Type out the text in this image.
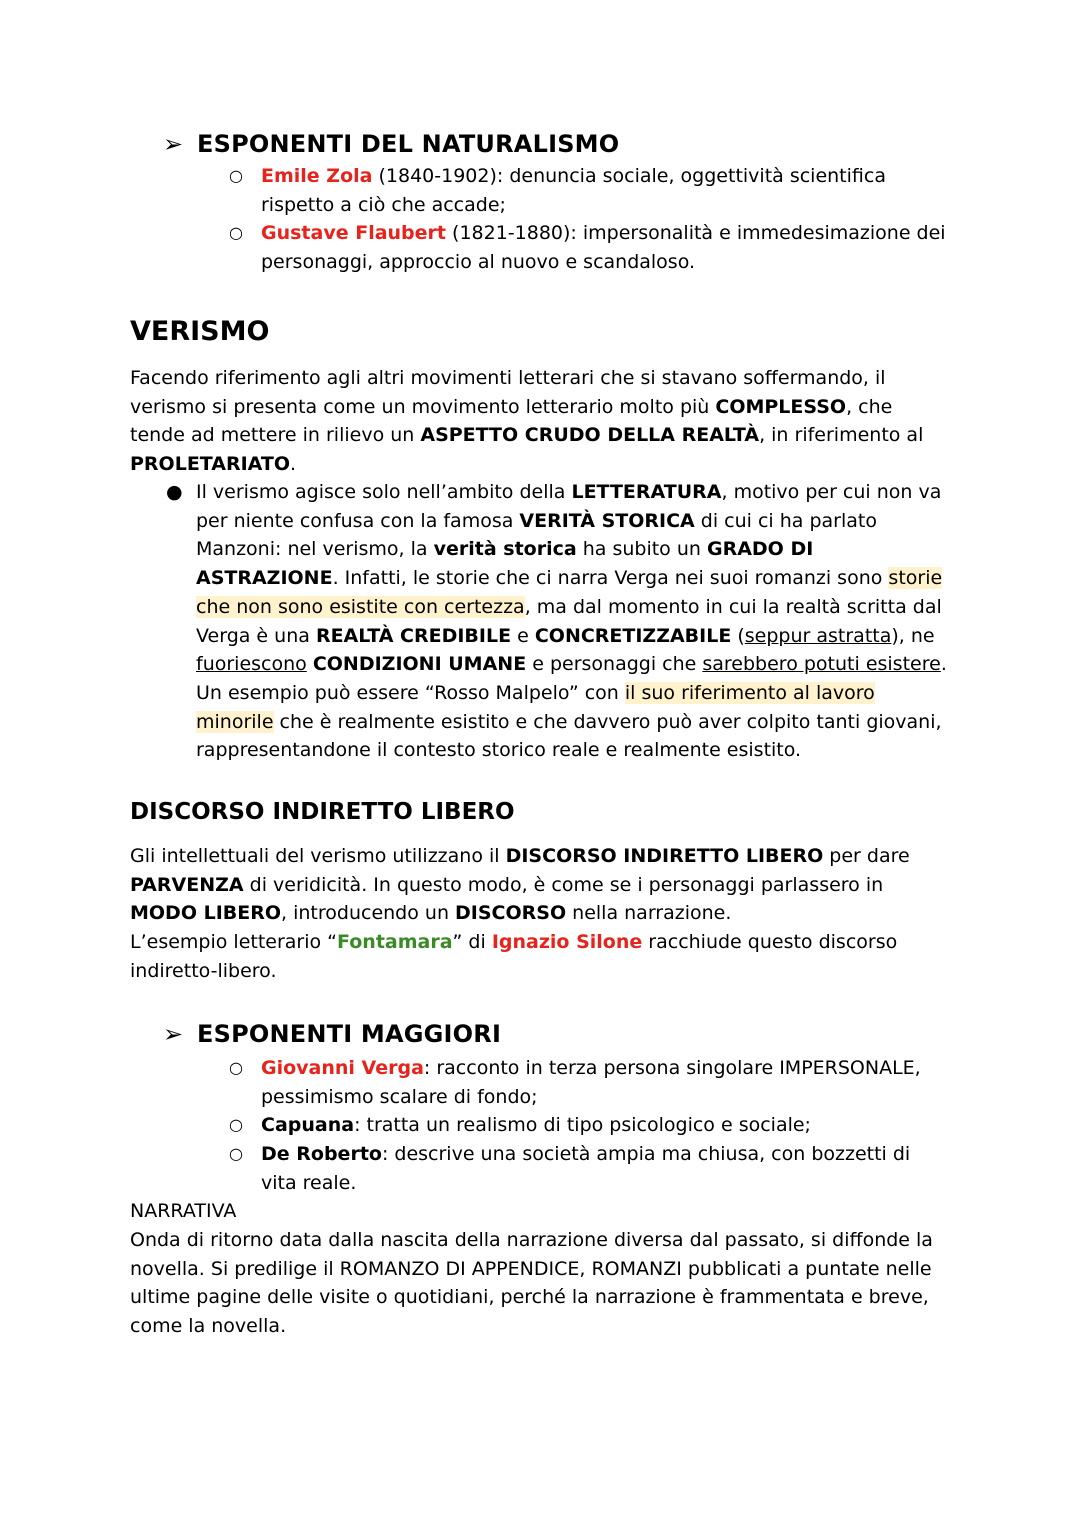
➢ ESPONENTI DEL NATURALISMO
○ Emile Zola (1840-1902): denuncia sociale, oggettività scientifica rispetto a ciò che accade;
○ Gustave Flaubert (1821-1880): impersonalità e immedesimazione dei personaggi, approccio al nuovo e scandaloso.
VERISMO
Facendo riferimento agli altri movimenti letterari che si stavano soffermando, il verismo si presenta come un movimento letterario molto più COMPLESSO, che tende ad mettere in rilievo un ASPETTO CRUDO DELLA REALTÀ, in riferimento al PROLETARIATO.
● Il verismo agisce solo nell’ambito della LETTERATURA, motivo per cui non va per niente confusa con la famosa VERITÀ STORICA di cui ci ha parlato Manzoni: nel verismo, la verità storica ha subito un GRADO DI ASTRAZIONE. Infatti, le storie che ci narra Verga nei suoi romanzi sono storie che non sono esistite con certezza, ma dal momento in cui la realtà scritta dal Verga è una REALTÀ CREDIBILE e CONCRETIZZABILE (seppur astratta), ne fuoriescono CONDIZIONI UMANE e personaggi che sarebbero potuti esistere. Un esempio può essere “Rosso Malpelo” con il suo riferimento al lavoro minorile che è realmente esistito e che davvero può aver colpito tanti giovani, rappresentandone il contesto storico reale e realmente esistito.
DISCORSO INDIRETTO LIBERO
Gli intellettuali del verismo utilizzano il DISCORSO INDIRETTO LIBERO per dare PARVENZA di veridicità. In questo modo, è come se i personaggi parlassero in MODO LIBERO, introducendo un DISCORSO nella narrazione.
L’esempio letterario “Fontamara” di Ignazio Silone racchiude questo discorso indiretto-libero.
➢ ESPONENTI MAGGIORI
○ Giovanni Verga: racconto in terza persona singolare IMPERSONALE, pessimismo scalare di fondo;
○ Capuana: tratta un realismo di tipo psicologico e sociale;
○ De Roberto: descrive una società ampia ma chiusa, con bozzetti di vita reale.
NARRATIVA
Onda di ritorno data dalla nascita della narrazione diversa dal passato, si diffonde la novella. Si predilige il ROMANZO DI APPENDICE, ROMANZI pubblicati a puntate nelle ultime pagine delle visite o quotidiani, perché la narrazione è frammentata e breve, come la novella.
